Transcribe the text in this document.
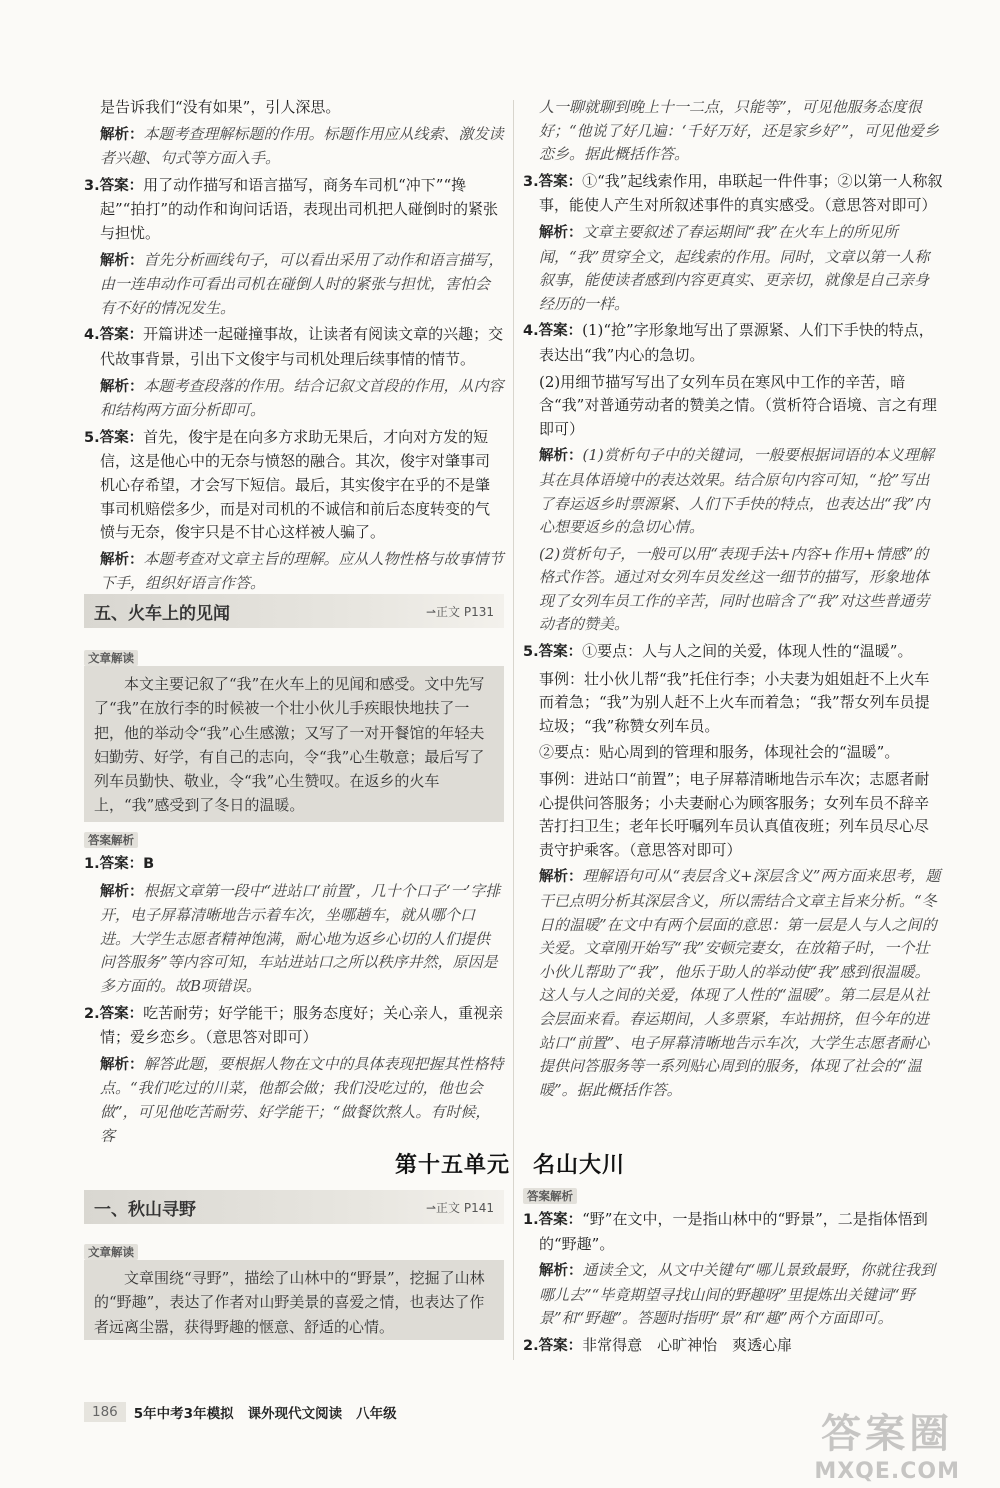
是告诉我们“没有如果”，引人深思。

解析：本题考查理解标题的作用。标题作用应从线索、激发读者兴趣、句式等方面入手。

3.答案：用了动作描写和语言描写，商务车司机“冲下”“搀起”“拍打”的动作和询问话语，表现出司机把人碰倒时的紧张与担忧。

解析：首先分析画线句子，可以看出采用了动作和语言描写，由一连串动作可看出司机在碰倒人时的紧张与担忧，害怕会有不好的情况发生。

4.答案：开篇讲述一起碰撞事故，让读者有阅读文章的兴趣；交代故事背景，引出下文俊宇与司机处理后续事情的情节。

解析：本题考查段落的作用。结合记叙文首段的作用，从内容和结构两方面分析即可。

5.答案：首先，俊宇是在向多方求助无果后，才向对方发的短信，这是他心中的无奈与愤怒的融合。其次，俊宇对肇事司机心存希望，才会写下短信。最后，其实俊宇在乎的不是肇事司机赔偿多少，而是对司机的不诚信和前后态度转变的气愤与无奈，俊宇只是不甘心这样被人骗了。

解析：本题考查对文章主旨的理解。应从人物性格与故事情节下手，组织好语言作答。

五、火车上的见闻	⇀正文 P131
文章解读
本文主要记叙了“我”在火车上的见闻和感受。文中先写了“我”在放行李的时候被一个壮小伙儿手疾眼快地扶了一把，他的举动令“我”心生感激；又写了一对开餐馆的年轻夫妇勤劳、好学，有自己的志向，令“我”心生敬意；最后写了列车员勤快、敬业，令“我”心生赞叹。在返乡的火车上，“我”感受到了冬日的温暖。
答案解析

1.答案：B

解析：根据文章第一段中“进站口‘前置’，几十个口子‘一’字排开，电子屏幕清晰地告示着车次，坐哪趟车，就从哪个口进。大学生志愿者精神饱满，耐心地为返乡心切的人们提供问答服务”等内容可知，车站进站口之所以秩序井然，原因是多方面的。故B项错误。

2.答案：吃苦耐劳；好学能干；服务态度好；关心亲人，重视亲情；爱乡恋乡。（意思答对即可）

解析：解答此题，要根据人物在文中的具体表现把握其性格特点。“我们吃过的川菜，他都会做；我们没吃过的，他也会做”，可见他吃苦耐劳、好学能干；“做餐饮熬人。有时候，客

人一聊就聊到晚上十一二点，只能等”，可见他服务态度很好；“他说了好几遍：‘千好万好，还是家乡好’”，可见他爱乡恋乡。据此概括作答。

3.答案：①“我”起线索作用，串联起一件件事；②以第一人称叙事，能使人产生对所叙述事件的真实感受。（意思答对即可）

解析：文章主要叙述了春运期间“我”在火车上的所见所闻，“我”贯穿全文，起线索的作用。同时，文章以第一人称叙事，能使读者感到内容更真实、更亲切，就像是自己亲身经历的一样。

4.答案：(1)“抢”字形象地写出了票源紧、人们下手快的特点，表达出“我”内心的急切。

(2)用细节描写写出了女列车员在寒风中工作的辛苦，暗含“我”对普通劳动者的赞美之情。（赏析符合语境、言之有理即可）

解析：(1)赏析句子中的关键词，一般要根据词语的本义理解其在具体语境中的表达效果。结合原句内容可知，“抢”写出了春运返乡时票源紧、人们下手快的特点，也表达出“我”内心想要返乡的急切心情。

(2)赏析句子，一般可以用“表现手法+内容+作用+情感”的格式作答。通过对女列车员发丝这一细节的描写，形象地体现了女列车员工作的辛苦，同时也暗含了“我”对这些普通劳动者的赞美。

5.答案：①要点：人与人之间的关爱，体现人性的“温暖”。

事例：壮小伙儿帮“我”托住行李；小夫妻为姐姐赶不上火车而着急；“我”为别人赶不上火车而着急；“我”帮女列车员提垃圾；“我”称赞女列车员。

②要点：贴心周到的管理和服务，体现社会的“温暖”。

事例：进站口“前置”；电子屏幕清晰地告示车次；志愿者耐心提供问答服务；小夫妻耐心为顾客服务；女列车员不辞辛苦打扫卫生；老年长吁嘱列车员认真值夜班；列车员尽心尽责守护乘客。（意思答对即可）

解析：理解语句可从“表层含义+深层含义”两方面来思考，题干已点明分析其深层含义，所以需结合文章主旨来分析。“冬日的温暖”在文中有两个层面的意思：第一层是人与人之间的关爱。文章刚开始写“我”安顿完妻女，在放箱子时，一个壮小伙儿帮助了“我”，他乐于助人的举动使“我”感到很温暖。这人与人之间的关爱，体现了人性的“温暖”。第二层是从社会层面来看。春运期间，人多票紧，车站拥挤，但今年的进站口“前置”、电子屏幕清晰地告示车次，大学生志愿者耐心提供问答服务等一系列贴心周到的服务，体现了社会的“温暖”。据此概括作答。

第十五单元　名山大川
一、秋山寻野	⇀正文 P141
文章解读
文章围绕“寻野”，描绘了山林中的“野景”，挖掘了山林的“野趣”，表达了作者对山野美景的喜爱之情，也表达了作者远离尘嚣，获得野趣的惬意、舒适的心情。
答案解析

1.答案：“野”在文中，一是指山林中的“野景”，二是指体悟到的“野趣”。

解析：通读全文，从文中关键句“哪儿景致最野，你就往我到哪儿去”“毕竟期望寻找山间的野趣呀”里提炼出关键词“野景”和“野趣”。答题时指明“景”和“趣”两个方面即可。

2.答案：非常得意　心旷神怡　爽透心扉

186	5年中考3年模拟 课外现代文阅读 八年级	答案圈
MXQE.COM
